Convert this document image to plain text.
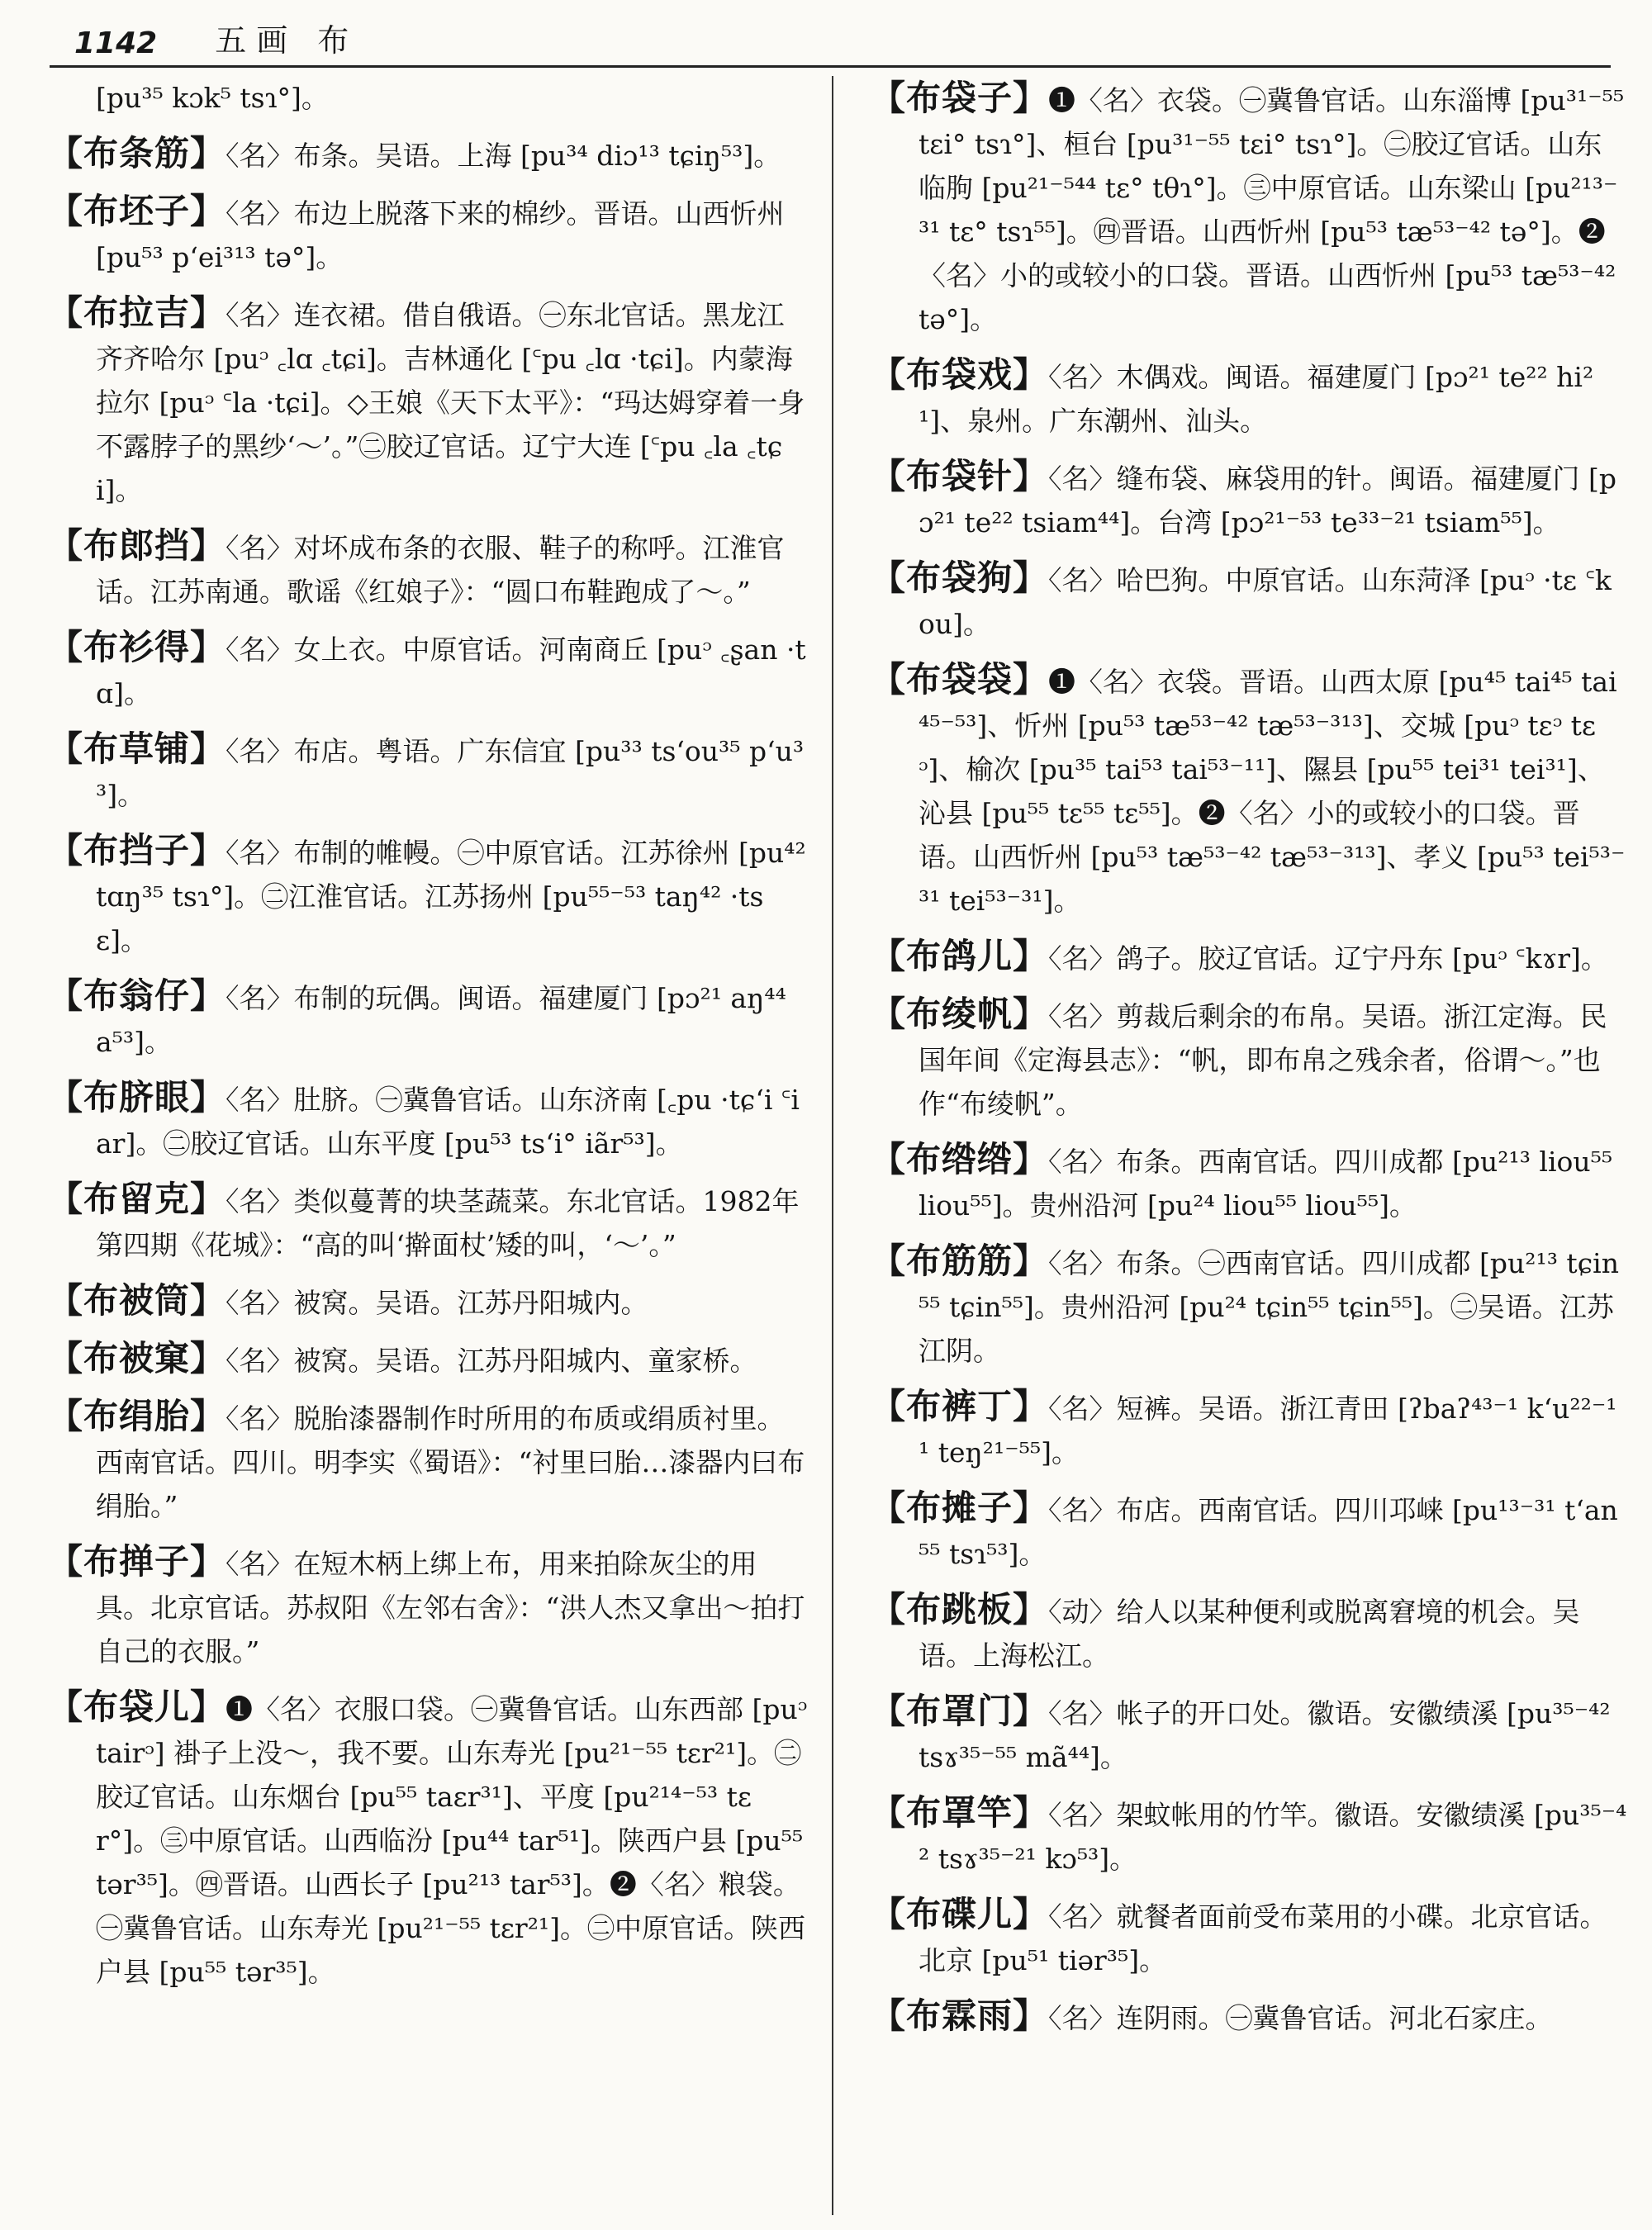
1142 五画 布

[pu³⁵ kɔk⁵ tsɿ°]。

【布条筋】〈名〉布条。吴语。上海 [pu³⁴ diɔ¹³ tɕiŋ⁵³]。

【布坯子】〈名〉布边上脱落下来的棉纱。晋语。山西忻州 [pu⁵³ pʻei³¹³ tə°]。

【布拉吉】〈名〉连衣裙。借自俄语。㊀东北官话。黑龙江齐齐哈尔 [puᵓ ꜀lɑ ꜀tɕi]。吉林通化 [꜂pu ꜀lɑ ·tɕi]。内蒙海拉尔 [puᵓ ꜂la ·tɕi]。◇王娘《天下太平》：“玛达姆穿着一身不露脖子的黑纱‘～’。”㊁胶辽官话。辽宁大连 [꜂pu ꜀la ꜀tɕi]。

【布郎挡】〈名〉对坏成布条的衣服、鞋子的称呼。江淮官话。江苏南通。歌谣《红娘子》：“圆口布鞋跑成了～。”

【布衫得】〈名〉女上衣。中原官话。河南商丘 [puᵓ ꜀ʂan ·tɑ]。

【布草铺】〈名〉布店。粤语。广东信宜 [pu³³ tsʻou³⁵ pʻu³³]。

【布挡子】〈名〉布制的帷幔。㊀中原官话。江苏徐州 [pu⁴² tɑŋ³⁵ tsɿ°]。㊁江淮官话。江苏扬州 [pu⁵⁵⁻⁵³ taŋ⁴² ·tsɛ]。

【布翁仔】〈名〉布制的玩偶。闽语。福建厦门 [pɔ²¹ aŋ⁴⁴ a⁵³]。

【布脐眼】〈名〉肚脐。㊀冀鲁官话。山东济南 [꜀pu ·tɕʻi ꜂iar]。㊁胶辽官话。山东平度 [pu⁵³ tsʻi° iãr⁵³]。

【布留克】〈名〉类似蔓菁的块茎蔬菜。东北官话。1982年第四期《花城》：“高的叫‘擀面杖’矮的叫，‘～’。”

【布被筒】〈名〉被窝。吴语。江苏丹阳城内。

【布被窠】〈名〉被窝。吴语。江苏丹阳城内、童家桥。

【布绢胎】〈名〉脱胎漆器制作时所用的布质或绢质衬里。西南官话。四川。明李实《蜀语》：“衬里曰胎…漆器内曰布绢胎。”

【布掸子】〈名〉在短木柄上绑上布，用来拍除灰尘的用具。北京官话。苏叔阳《左邻右舍》：“洪人杰又拿出～拍打自己的衣服。”

【布袋儿】❶〈名〉衣服口袋。㊀冀鲁官话。山东西部 [puᵓ tairᵓ] 褂子上没～，我不要。山东寿光 [pu²¹⁻⁵⁵ tɛr²¹]。㊁胶辽官话。山东烟台 [pu⁵⁵ taɛr³¹]、平度 [pu²¹⁴⁻⁵³ tɛr°]。㊂中原官话。山西临汾 [pu⁴⁴ tar⁵¹]。陕西户县 [pu⁵⁵ tər³⁵]。㊃晋语。山西长子 [pu²¹³ tar⁵³]。❷〈名〉粮袋。㊀冀鲁官话。山东寿光 [pu²¹⁻⁵⁵ tɛr²¹]。㊁中原官话。陕西户县 [pu⁵⁵ tər³⁵]。

【布袋子】❶〈名〉衣袋。㊀冀鲁官话。山东淄博 [pu³¹⁻⁵⁵ tɛi° tsɿ°]、桓台 [pu³¹⁻⁵⁵ tɛi° tsɿ°]。㊁胶辽官话。山东临朐 [pu²¹⁻⁵⁴⁴ tɛ° tθɿ°]。㊂中原官话。山东梁山 [pu²¹³⁻³¹ tɛ° tsɿ⁵⁵]。㊃晋语。山西忻州 [pu⁵³ tæ⁵³⁻⁴² tə°]。❷〈名〉小的或较小的口袋。晋语。山西忻州 [pu⁵³ tæ⁵³⁻⁴² tə°]。

【布袋戏】〈名〉木偶戏。闽语。福建厦门 [pɔ²¹ te²² hi²¹]、泉州。广东潮州、汕头。

【布袋针】〈名〉缝布袋、麻袋用的针。闽语。福建厦门 [pɔ²¹ te²² tsiam⁴⁴]。台湾 [pɔ²¹⁻⁵³ te³³⁻²¹ tsiam⁵⁵]。

【布袋狗】〈名〉哈巴狗。中原官话。山东菏泽 [puᵓ ·tɛ ꜂kou]。

【布袋袋】❶〈名〉衣袋。晋语。山西太原 [pu⁴⁵ tai⁴⁵ tai⁴⁵⁻⁵³]、忻州 [pu⁵³ tæ⁵³⁻⁴² tæ⁵³⁻³¹³]、交城 [puᵓ tɛᵓ tɛᵓ]、榆次 [pu³⁵ tai⁵³ tai⁵³⁻¹¹]、隰县 [pu⁵⁵ tei³¹ tei³¹]、沁县 [pu⁵⁵ tɛ⁵⁵ tɛ⁵⁵]。❷〈名〉小的或较小的口袋。晋语。山西忻州 [pu⁵³ tæ⁵³⁻⁴² tæ⁵³⁻³¹³]、孝义 [pu⁵³ tei⁵³⁻³¹ tei⁵³⁻³¹]。

【布鸽儿】〈名〉鸽子。胶辽官话。辽宁丹东 [puᵓ ꜂kɤr]。

【布绫帆】〈名〉剪裁后剩余的布帛。吴语。浙江定海。民国年间《定海县志》：“帆，即布帛之残余者，俗谓～。”也作“布绫帆”。

【布绺绺】〈名〉布条。西南官话。四川成都 [pu²¹³ liou⁵⁵ liou⁵⁵]。贵州沿河 [pu²⁴ liou⁵⁵ liou⁵⁵]。

【布筋筋】〈名〉布条。㊀西南官话。四川成都 [pu²¹³ tɕin⁵⁵ tɕin⁵⁵]。贵州沿河 [pu²⁴ tɕin⁵⁵ tɕin⁵⁵]。㊁吴语。江苏江阴。

【布裤丁】〈名〉短裤。吴语。浙江青田 [ʔbaʔ⁴³⁻¹ kʻu²²⁻¹¹ teŋ²¹⁻⁵⁵]。

【布摊子】〈名〉布店。西南官话。四川邛崃 [pu¹³⁻³¹ tʻan⁵⁵ tsɿ⁵³]。

【布跳板】〈动〉给人以某种便利或脱离窘境的机会。吴语。上海松江。

【布罩门】〈名〉帐子的开口处。徽语。安徽绩溪 [pu³⁵⁻⁴² tsɤ³⁵⁻⁵⁵ mã⁴⁴]。

【布罩竿】〈名〉架蚊帐用的竹竿。徽语。安徽绩溪 [pu³⁵⁻⁴² tsɤ³⁵⁻²¹ kɔ⁵³]。

【布碟儿】〈名〉就餐者面前受布菜用的小碟。北京官话。北京 [pu⁵¹ tiər³⁵]。

【布霖雨】〈名〉连阴雨。㊀冀鲁官话。河北石家庄。
